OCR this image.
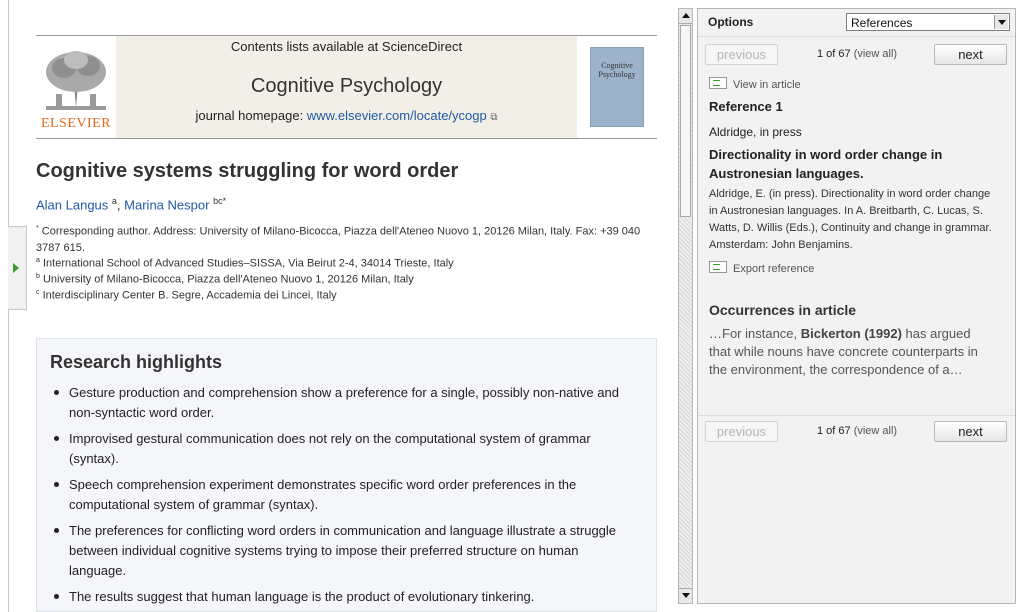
ELSEVIER
Contents lists available at ScienceDirect
Cognitive Psychology
journal homepage: www.elsevier.com/locate/ycogp ⧉
Cognitive Psychology
Cognitive systems struggling for word order
Alan Langus $^a$, Marina Nespor $^{bc*}$
* Corresponding author. Address: University of Milano-Bicocca, Piazza dell'Ateneo Nuovo 1, 20126 Milan, Italy. Fax: +39 040 3787 615.
$^a$ International School of Advanced Studies–SISSA, Via Beirut 2-4, 34014 Trieste, Italy
$^b$ University of Milano-Bicocca, Piazza dell'Ateneo Nuovo 1, 20126 Milan, Italy
$^c$ Interdisciplinary Center B. Segre, Accademia dei Lincei, Italy
Research highlights
Gesture production and comprehension show a preference for a single, possibly non-native and non-syntactic word order.
Improvised gestural communication does not rely on the computational system of grammar (syntax).
Speech comprehension experiment demonstrates specific word order preferences in the computational system of grammar (syntax).
The preferences for conflicting word orders in communication and language illustrate a struggle between individual cognitive systems trying to impose their preferred structure on human language.
The results suggest that human language is the product of evolutionary tinkering.
Options	References
previous	1 of 67 (view all)	next
View in article
Reference 1
Aldridge, in press
Directionality in word order change in Austronesian languages.
Aldridge, E. (in press). Directionality in word order change in Austronesian languages. In A. Breitbarth, C. Lucas, S. Watts, D. Willis (Eds.), Continuity and change in grammar. Amsterdam: John Benjamins.
Export reference
Occurrences in article
…For instance, Bickerton (1992) has argued that while nouns have concrete counterparts in the environment, the correspondence of a…
previous	1 of 67 (view all)	next
